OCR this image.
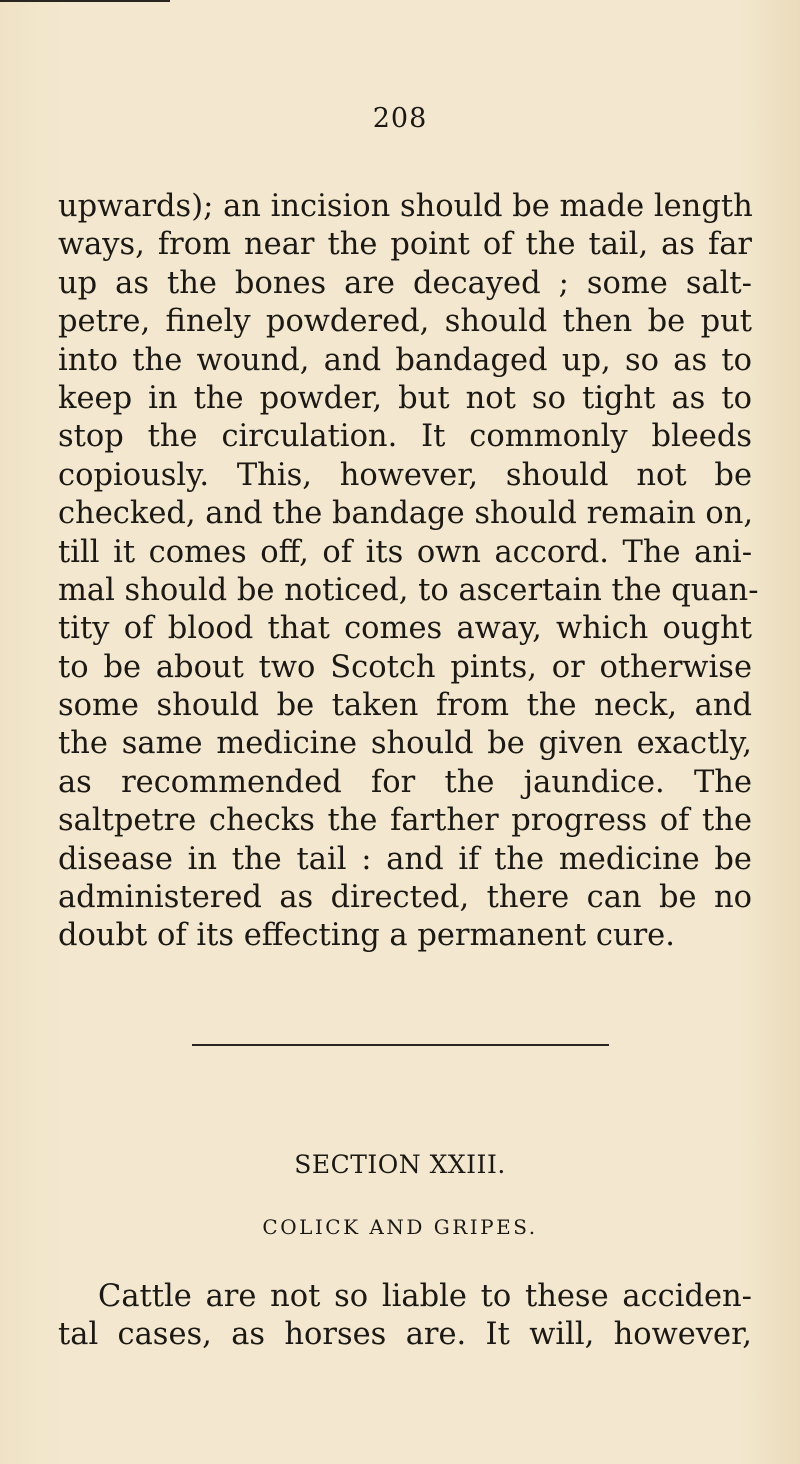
208
upwards); an incision should be made length
ways, from near the point of the tail, as far
up as the bones are decayed ; some salt-
petre, finely powdered, should then be put
into the wound, and bandaged up, so as to
keep in the powder, but not so tight as to
stop the circulation. It commonly bleeds
copiously. This, however, should not be
checked, and the bandage should remain on,
till it comes off, of its own accord. The ani-
mal should be noticed, to ascertain the quan-
tity of blood that comes away, which ought
to be about two Scotch pints, or otherwise
some should be taken from the neck, and
the same medicine should be given exactly,
as recommended for the jaundice. The
saltpetre checks the farther progress of the
disease in the tail : and if the medicine be
administered as directed, there can be no
doubt of its effecting a permanent cure.
SECTION XXIII.
COLICK AND GRIPES.
Cattle are not so liable to these acciden-
tal cases, as horses are. It will, however,
